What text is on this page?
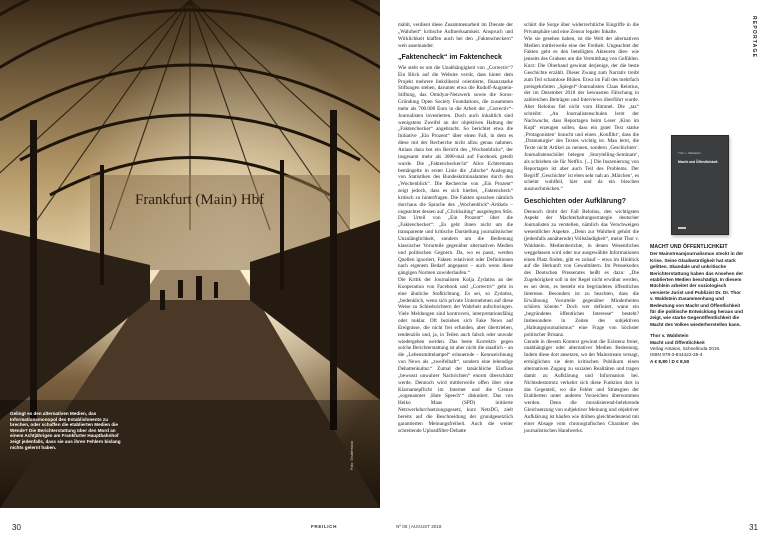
Frankfurt (Main) Hbf
Gelingt es den alternativen Medien, das Informationsmonopol des Establishments zu brechen, oder schaffen die etablierten Medien die Wende? Die Berichterstattung über den Mord an einem Achtjährigen am Frankfurter Hauptbahnhof zeigt jedenfalls, dass sie aus ihren Fehlern bislang nichts gelernt haben.	Foto: Shutterstock
30	FREILICH	Nº 05 | AUGUST 2019	31

mählt, verdient diese Zusammenarbeit im Dienste der „Wahrheit“ kritische Aufmerksamkeit. Anspruch und Wirklichkeit klaffen auch bei den „Faktencheckern“ weit auseinander.

„Faktencheck“ im Faktencheck

Wie steht es um die Unabhängigkeit von „Correctiv“? Ein Blick auf die Website verrät, dass hinter dem Projekt mehrere linksliberal orientierte, finanzstarke Stiftungen stehen, darunter etwa die Rudolf-Augstein-Stiftung, das Omidyar-Netzwerk sowie die Soros-Gründung Open Society Foundations, die zusammen mehr als 700.000 Euro in die Arbeit der „Correctiv“-Journalisten investierten. Doch auch inhaltlich sind wenigstens Zweifel an der objektiven Haltung der „Faktenchecker“ angebracht. So berichtet etwa die Initiative „Ein Prozent“ über einen Fall, in dem es diese mit der Recherche nicht allzu genau nahmen. Anlass dazu bot ein Bericht des „Wochenblicks“, der insgesamt mehr als 3000-mal auf Facebook geteilt wurde. Die „Faktenchecker/in“ Alice Echtermann bemängelte in erster Linie die „falsche“ Auslegung von Statistiken des Bundeskriminalamtes durch den „Wochenblick“. Die Recherche von „Ein Prozent“ zeigt jedoch, dass es sich hierbei, „Faktencheck“ kritisch zu hinterfragen. Die Fakten sprachen nämlich durchaus die Sprache des „Wochenblick“-Artikels – ungeachtet dessen auf „Clickbaiting“ ausgelegten Stils. Das Urteil von „Ein Prozent“ über die „Faktenchecker“: „Es geht ihnen nicht um die transparente und kritische Darstellung journalistischer Unzulänglichkeit, sondern um die Bedienung klassischer Vorurteile gegenüber alternativen Medien und politischen Gegnern. Da, wo es passt, werden Quellen ignoriert, Fakten relativiert oder Definitionen nach eigenem Bedarf angepasst – auch wenn diese gängigen Normen zuwiderlaufen.“

Die Kritik der Journalisten Kolja Zydatiss an der Kooperation von Facebook und „Correctiv“ geht in eine ähnliche Stoßrichtung. Es sei, so Zydatiss, „bedenklich, wenn sich private Unternehmen auf diese Weise zu Schiedsrichtern der Wahrheit aufschwingen. Viele Meldungen sind kontrovers, interpretationsfähig oder nuklar. Oft beziehen sich Fake News auf Ereignisse, die nicht frei erfunden, aber übertrieben, tendenziös und, ja, in Teilen auch falsch oder unwahr wiedergeben werden. Das beste Korrektiv gegen solche Berichterstattung ist aber nicht die staatlich – an die „Lebensmittelampel“ erinnernde – Kennzeichnung von News als „zweifelhaft“, sondern eine lebendige Debattenkultur.“ Zumal der tatsächliche Einfluss „bewusst unwahrer Nachrichten“ enorm überschätzt werde. Dennoch wird mittlerweile offen über eine Klarnamepflicht im Internet und die Grenze „sogenannter ‚Hate Speech‘“ diskutiert. Das von Heiko Maas (SPD) initiierte Netzwerkdurchsetzungsgesetz, kurz NetzDG, zielt bereits auf die Beschneidung der grundgesetzlich garantierten Meinungsfreiheit. Auch die weiter schreitende Uploadfilter-Debatte

schürt die Sorge über widerrechtliche Eingriffe in die Privatsphäre und eine Zensur legaler Inhalte.

Wie sie gesehen haben, ist die Welt der alternativen Medien mittlerweile eine der Freiheit. Ungeachtet der Fakten geht es den beteiligten Akteuren dies- wie jenseits des Grabens um die Vermittlung von Gefühlen. Kurz: Die Oberhand gewinnt derjenige, der die beste Geschichte erzählt. Dieser Zwang zum Narrativ treibt zum Teil schamlose Blüten. Etwa im Fall des mehrfach preisgekrönten „Spiegel“-Journalisten Claas Relotius, der im Dezember 2018 der bewussten Fälschung in zahlreichen Beiträgen und Interviews überführt wurde. Aber Relotius fiel nicht vom Himmel. Die „taz“ schreibt: „An Journalistenschulen lernt der Nachwuchs, dass Reportagen beim Leser ‚Kino im Kopf‘ erzeugen sollen, dass ein guter Text starke ‚Protagonisten‘ braucht und einen ‚Konflikt‘, dass die ‚Dramaturgie‘ des Textes wichtig ist. Man lernt, die Texte nicht Artikel zu nennen, sondern ‚Geschichten‘. Journalistenschüler belegen ‚Storytelling-Seminare‘, als schrieben sie für Netflix. [...] Die Inszenierung von Reportagen ist aber auch Teil des Problems. Der Begriff ‚Geschichte‘ ist eben sehr nah an ‚Märchen‘, es scheint wohlfeil, hier und da ein bisschen auszuschmücken.“

Geschichten oder Aufklärung?

Dennoch droht der Fall Relotius, den wichtigsten Aspekt der Machterhaltungsstrategie deutscher Journalisten zu verstellen, nämlich das Verschweigen wesentlicher Aspekte. „Denn zur Wahrheit gehört die (jedenfalls annähernde) Vollständigkeit“, meint Thor v. Waldstein. Medienberichte, in denen Wesentliches weggelassen wird oder nur ausgewählte Informationen einen Platz finden, gibt es zuhauf – etwa im Hinblick auf die Herkunft von Gewalttätern. Im Pressekodex des Deutschen Presserates heißt es dazu: „Die Zugehörigkeit soll in der Regel nicht erwähnt werden, es sei denn, es besteht ein begründetes öffentliches Interesse. Besonders ist zu beachten, dass die Erwähnung Vorurteile gegenüber Minderheiten schüren könnte.“ Doch wer definiert, wann ein „begründetes öffentliches Interesse“ besteht? Insbesondere in Zeiten des subjektiven „Haltungsjournalismus“ eine Frage von höchster politischer Brisanz.

Gerade in diesem Kontext gewinnt die Existenz freier, unabhängiger oder alternativer Medien Bedeutung. Indem diese dort ansetzen, wo der Mainstream versagt, ermöglichen sie dem kritischen Publikum einen alternativen Zugang zu sozialen Realitäten und tragen damit zu Aufklärung und Information bei. Nichtsdestotrotz verkehrt sich diese Funktion dort in das Gegenteil, wo die Fehler und Strategien der Etablierten unter anderen Vorzeichen übernommen werden. Denn die moralisierend-belehrende Gleichsetzung von subjektiver Meinung und objektiver Aufklärung ist häufen wie drüben gleichbedeutend mit einer Absage vom chronografischen Charakter des journalistischen Handwerks.

REPORTAGE
Thor v. Waldstein
Macht und Öffentlichkeit
MACHT UND ÖFFENTLICHKEIT
Der Mainstreamjournalismus steckt in der Krise. Seine Glaubwürdigkeit hat stark gelitten. Skandale und unkritische Berichterstattung haben das Ansehen der etablierten Medien beschädigt. In diesem Büchlein arbeitet der soziologisch versierte Jurist und Publizist Dr. Dr. Thor v. Waldstein Zusammenhang und Bedeutung von Macht und Öffentlichkeit für die politische Entwicklung heraus und zeigt, wie starke Gegenöffentlichkeit die Macht des Volkes wiederherstellen kann.
Thor v. Waldstein
Macht und Öffentlichkeit
Verlag Antaios, Schnellroda 2016.
ISBN 978-3-944422-25-4
A € 8,80 / D € 8,50
